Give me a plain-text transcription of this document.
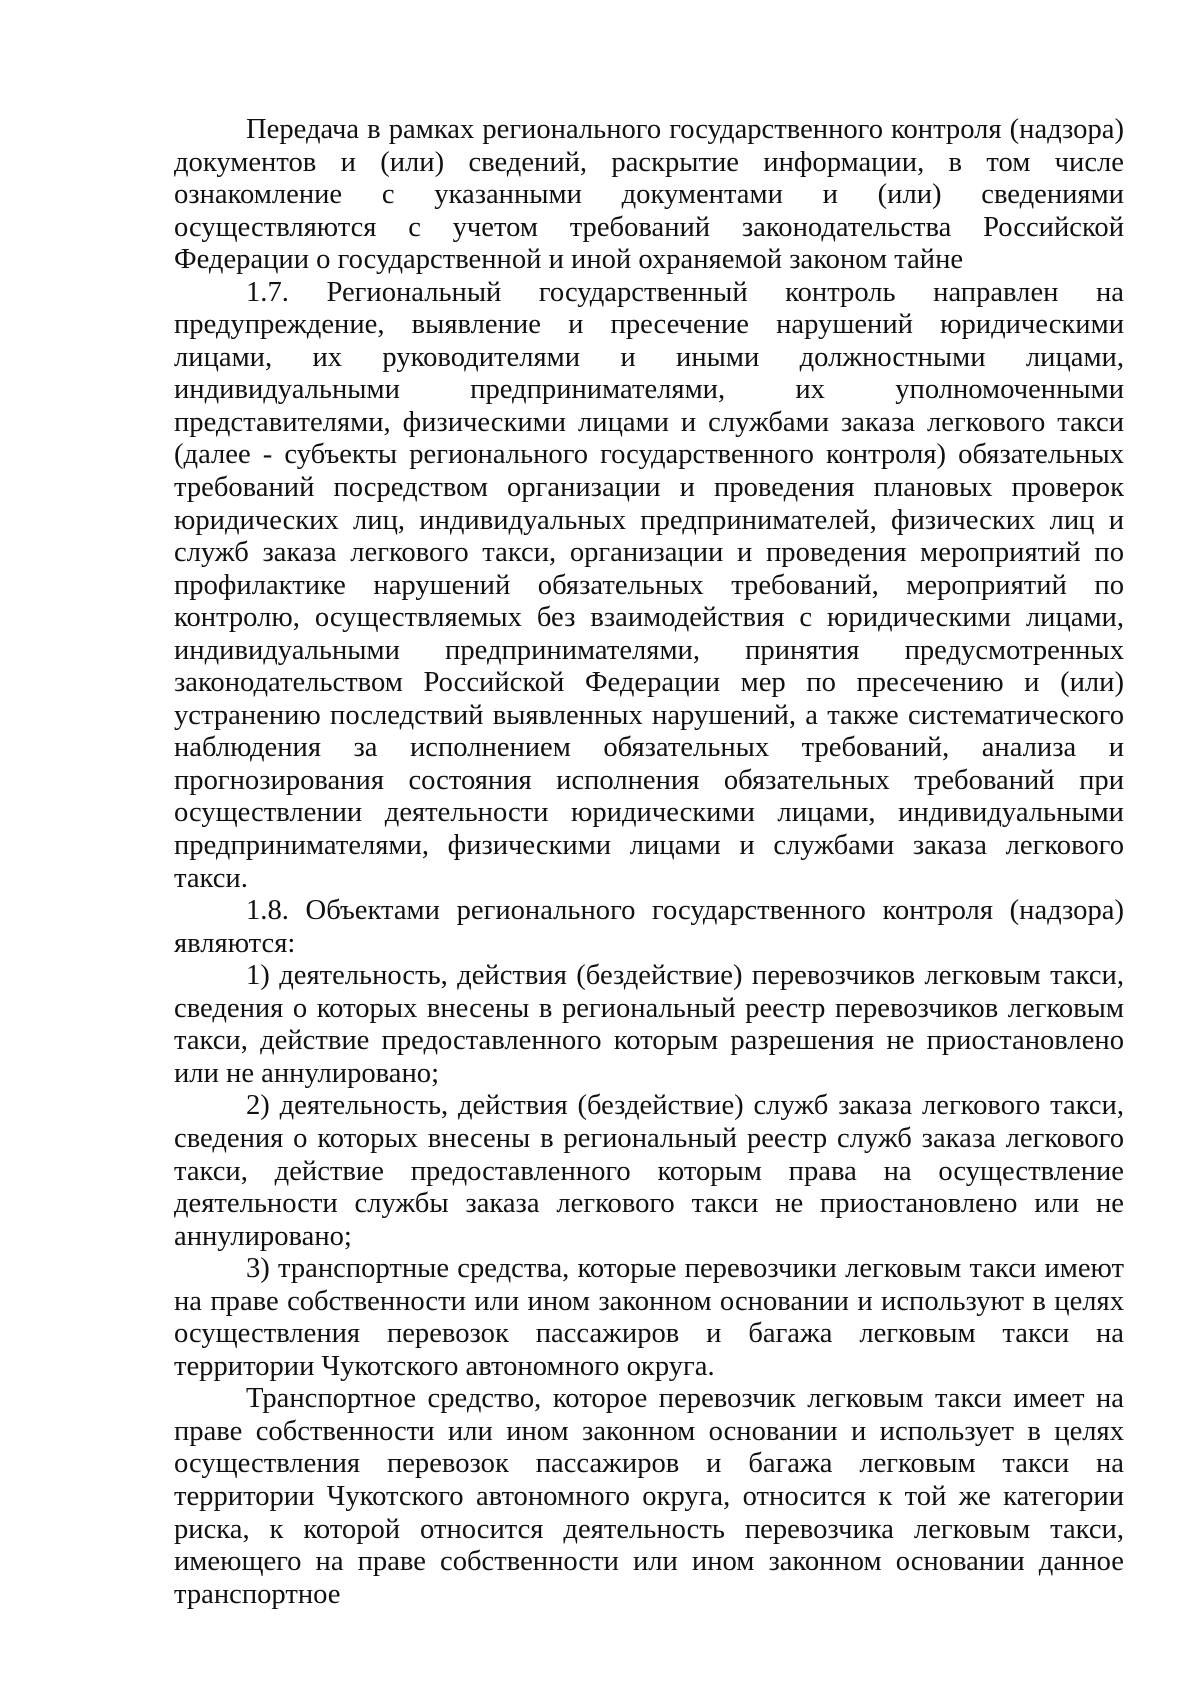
Передача в рамках регионального государственного контроля (надзора) документов и (или) сведений, раскрытие информации, в том числе ознакомление с указанными документами и (или) сведениями осуществляются с учетом требований законодательства Российской Федерации о государственной и иной охраняемой законом тайне

1.7. Региональный государственный контроль направлен на предупреждение, выявление и пресечение нарушений юридическими лицами, их руководителями и иными должностными лицами, индивидуальными предпринимателями, их уполномоченными представителями, физическими лицами и службами заказа легкового такси (далее - субъекты регионального государственного контроля) обязательных требований посредством организации и проведения плановых проверок юридических лиц, индивидуальных предпринимателей, физических лиц и служб заказа легкового такси, организации и проведения мероприятий по профилактике нарушений обязательных требований, мероприятий по контролю, осуществляемых без взаимодействия с юридическими лицами, индивидуальными предпринимателями, принятия предусмотренных законодательством Российской Федерации мер по пресечению и (или) устранению последствий выявленных нарушений, а также систематического наблюдения за исполнением обязательных требований, анализа и прогнозирования состояния исполнения обязательных требований при осуществлении деятельности юридическими лицами, индивидуальными предпринимателями, физическими лицами и службами заказа легкового такси.

1.8. Объектами регионального государственного контроля (надзора) являются:

1) деятельность, действия (бездействие) перевозчиков легковым такси, сведения о которых внесены в региональный реестр перевозчиков легковым такси, действие предоставленного которым разрешения не приостановлено или не аннулировано;

2) деятельность, действия (бездействие) служб заказа легкового такси, сведения о которых внесены в региональный реестр служб заказа легкового такси, действие предоставленного которым права на осуществление деятельности службы заказа легкового такси не приостановлено или не аннулировано;

3) транспортные средства, которые перевозчики легковым такси имеют на праве собственности или ином законном основании и используют в целях осуществления перевозок пассажиров и багажа легковым такси на территории Чукотского автономного округа.

Транспортное средство, которое перевозчик легковым такси имеет на праве собственности или ином законном основании и использует в целях осуществления перевозок пассажиров и багажа легковым такси на территории Чукотского автономного округа, относится к той же категории риска, к которой относится деятельность перевозчика легковым такси, имеющего на праве собственности или ином законном основании данное транспортное
